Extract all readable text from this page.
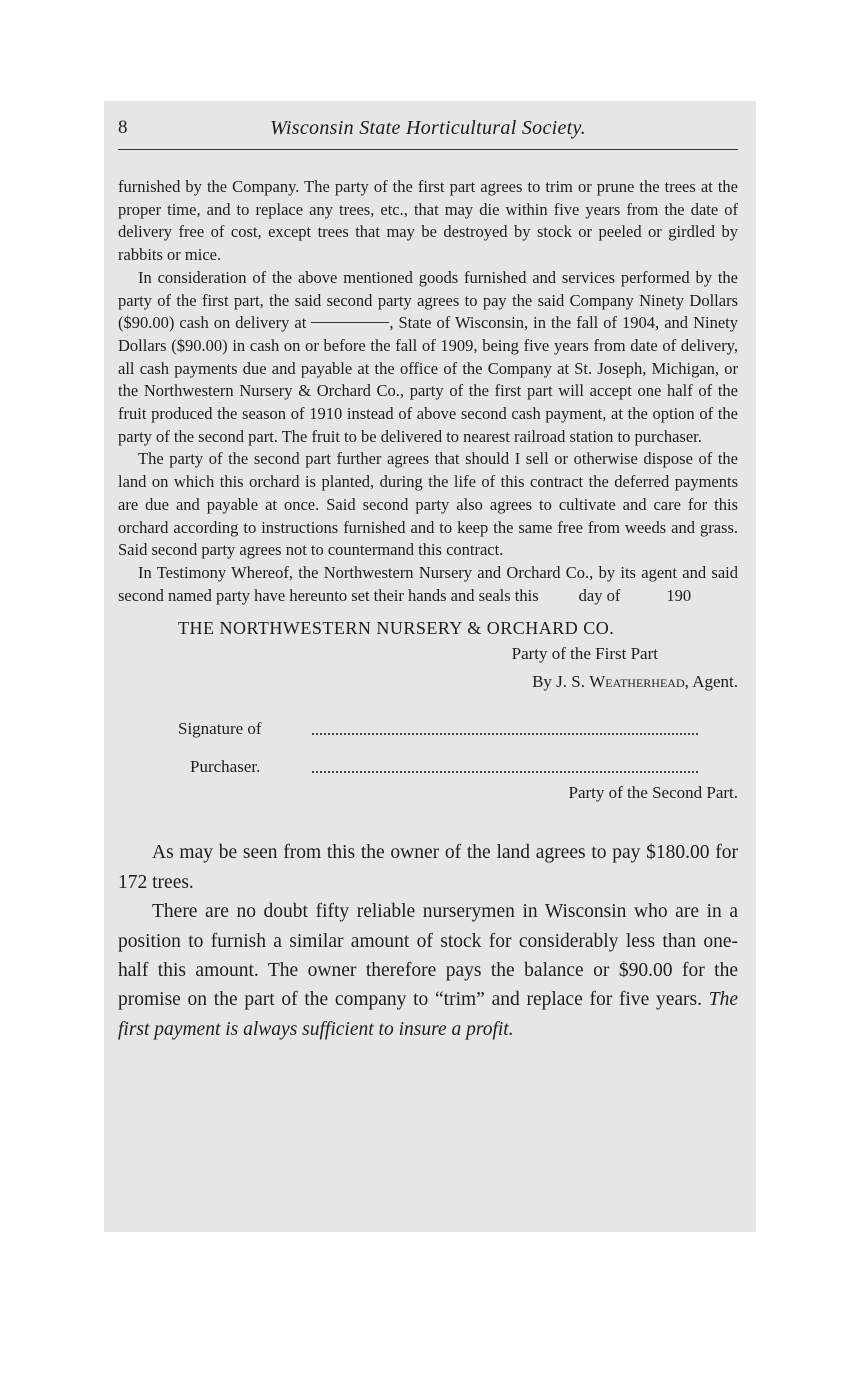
8	Wisconsin State Horticultural Society.

furnished by the Company. The party of the first part agrees to trim or prune the trees at the proper time, and to replace any trees, etc., that may die within five years from the date of delivery free of cost, except trees that may be destroyed by stock or peeled or girdled by rabbits or mice.

In consideration of the above mentioned goods furnished and services performed by the party of the first part, the said second party agrees to pay the said Company Ninety Dollars ($90.00) cash on delivery at	, State of Wisconsin, in the fall of 1904, and Ninety Dollars ($90.00) in cash on or before the fall of 1909, being five years from date of delivery, all cash payments due and payable at the office of the Company at St. Joseph, Michigan, or the Northwestern Nursery & Orchard Co., party of the first part will accept one half of the fruit produced the season of 1910 instead of above second cash payment, at the option of the party of the second part. The fruit to be delivered to nearest railroad station to purchaser.

The party of the second part further agrees that should I sell or otherwise dispose of the land on which this orchard is planted, during the life of this contract the deferred payments are due and payable at once. Said second party also agrees to cultivate and care for this orchard according to instructions furnished and to keep the same free from weeds and grass. Said second party agrees not to countermand this contract.

In Testimony Whereof, the Northwestern Nursery and Orchard Co., by its agent and said second named party have hereunto set their hands and seals this day of	190

THE NORTHWESTERN NURSERY & ORCHARD CO.
Party of the First Part
By J. S. Weatherhead, Agent.
Signature of
Purchaser.
Party of the Second Part.

As may be seen from this the owner of the land agrees to pay $180.00 for 172 trees.

There are no doubt fifty reliable nurserymen in Wisconsin who are in a position to furnish a similar amount of stock for considerably less than one-half this amount. The owner therefore pays the balance or $90.00 for the promise on the part of the company to “trim” and replace for five years. The first payment is always sufficient to insure a profit.
